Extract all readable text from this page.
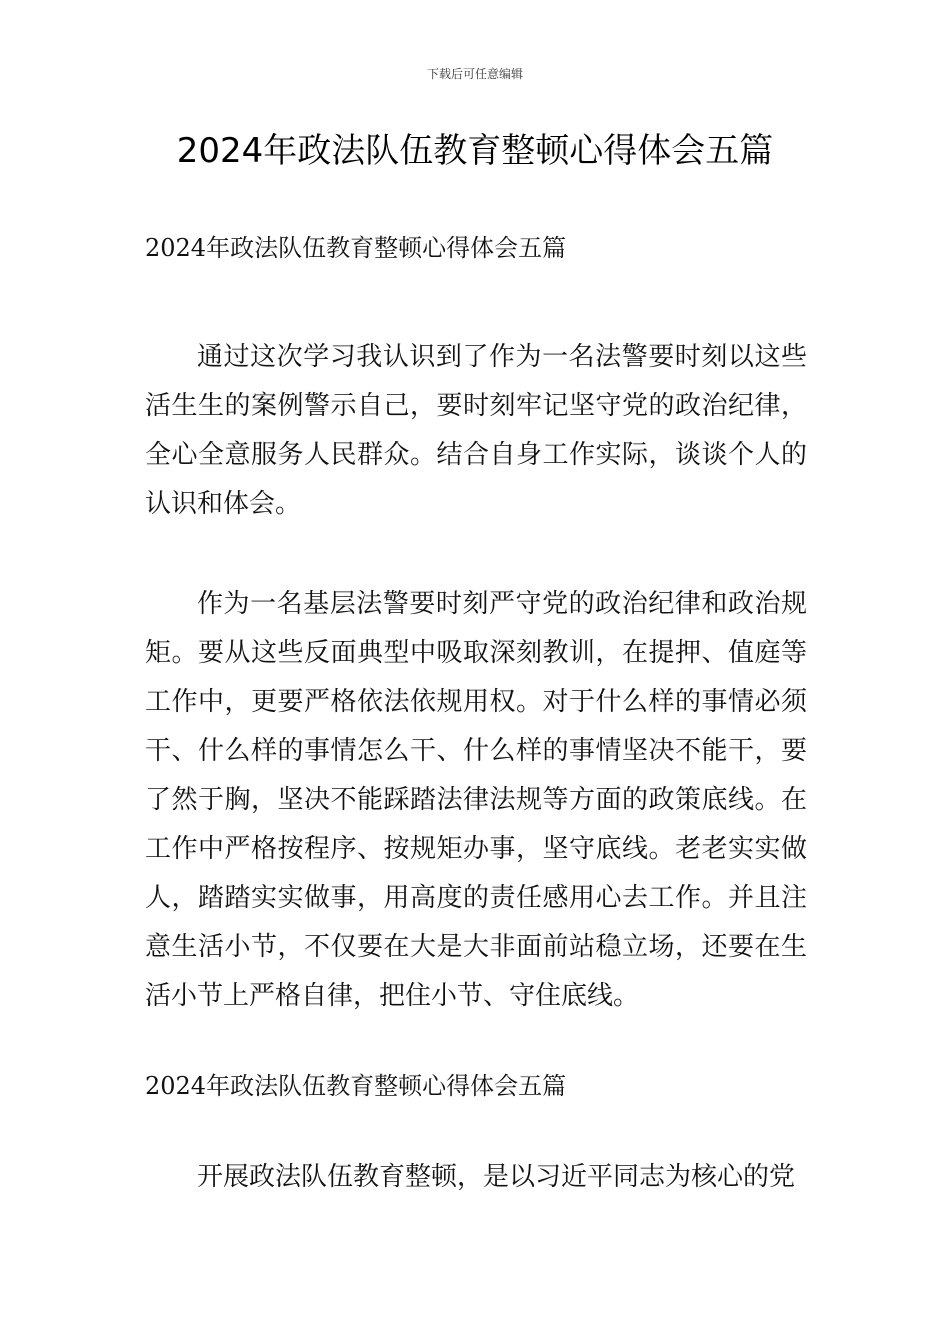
下载后可任意编辑
2024年政法队伍教育整顿心得体会五篇

2024年政法队伍教育整顿心得体会五篇

通过这次学习我认识到了作为一名法警要时刻以这些活生生的案例警示自己，要时刻牢记坚守党的政治纪律，全心全意服务人民群众。结合自身工作实际，谈谈个人的认识和体会。

作为一名基层法警要时刻严守党的政治纪律和政治规矩。要从这些反面典型中吸取深刻教训，在提押、值庭等工作中，更要严格依法依规用权。对于什么样的事情必须干、什么样的事情怎么干、什么样的事情坚决不能干，要了然于胸，坚决不能踩踏法律法规等方面的政策底线。在工作中严格按程序、按规矩办事，坚守底线。老老实实做人，踏踏实实做事，用高度的责任感用心去工作。并且注意生活小节，不仅要在大是大非面前站稳立场，还要在生活小节上严格自律，把住小节、守住底线。

2024年政法队伍教育整顿心得体会五篇

开展政法队伍教育整顿，是以习近平同志为核心的党
